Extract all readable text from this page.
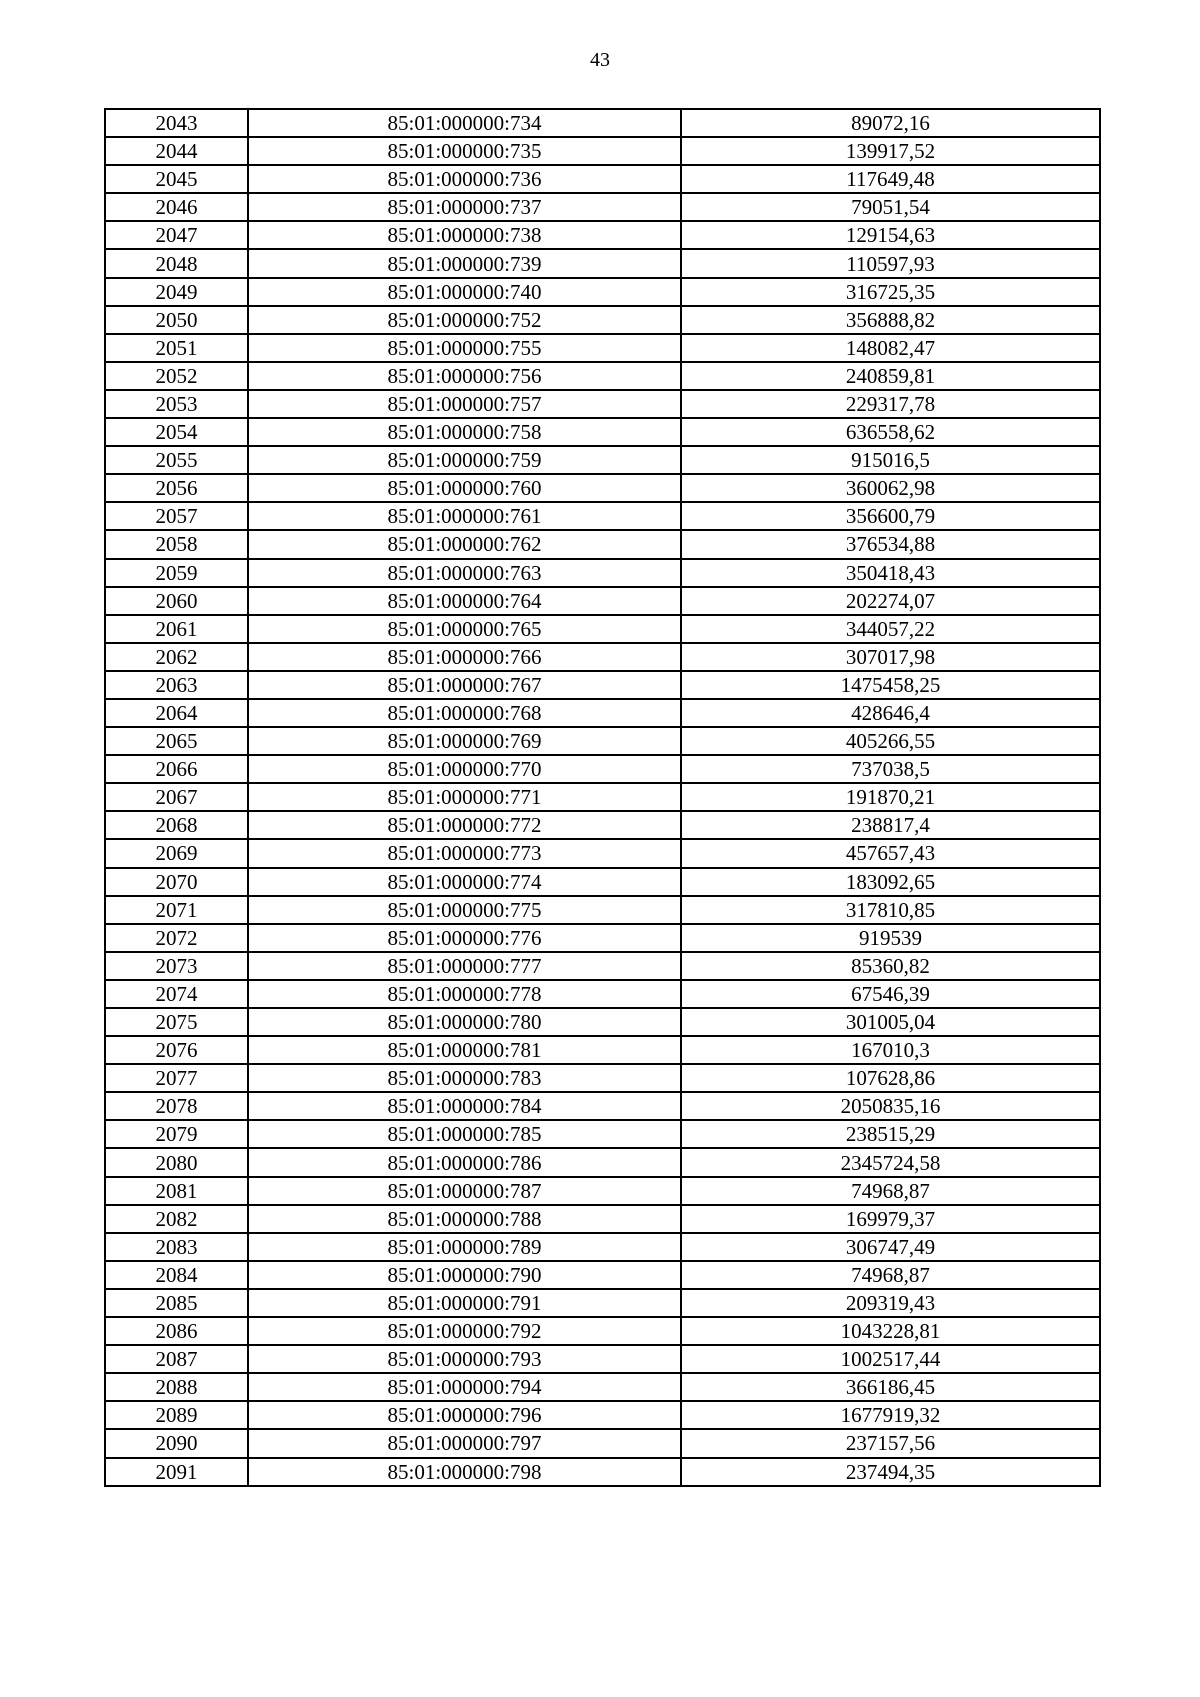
43
2043	85:01:000000:734	89072,16
2044	85:01:000000:735	139917,52
2045	85:01:000000:736	117649,48
2046	85:01:000000:737	79051,54
2047	85:01:000000:738	129154,63
2048	85:01:000000:739	110597,93
2049	85:01:000000:740	316725,35
2050	85:01:000000:752	356888,82
2051	85:01:000000:755	148082,47
2052	85:01:000000:756	240859,81
2053	85:01:000000:757	229317,78
2054	85:01:000000:758	636558,62
2055	85:01:000000:759	915016,5
2056	85:01:000000:760	360062,98
2057	85:01:000000:761	356600,79
2058	85:01:000000:762	376534,88
2059	85:01:000000:763	350418,43
2060	85:01:000000:764	202274,07
2061	85:01:000000:765	344057,22
2062	85:01:000000:766	307017,98
2063	85:01:000000:767	1475458,25
2064	85:01:000000:768	428646,4
2065	85:01:000000:769	405266,55
2066	85:01:000000:770	737038,5
2067	85:01:000000:771	191870,21
2068	85:01:000000:772	238817,4
2069	85:01:000000:773	457657,43
2070	85:01:000000:774	183092,65
2071	85:01:000000:775	317810,85
2072	85:01:000000:776	919539
2073	85:01:000000:777	85360,82
2074	85:01:000000:778	67546,39
2075	85:01:000000:780	301005,04
2076	85:01:000000:781	167010,3
2077	85:01:000000:783	107628,86
2078	85:01:000000:784	2050835,16
2079	85:01:000000:785	238515,29
2080	85:01:000000:786	2345724,58
2081	85:01:000000:787	74968,87
2082	85:01:000000:788	169979,37
2083	85:01:000000:789	306747,49
2084	85:01:000000:790	74968,87
2085	85:01:000000:791	209319,43
2086	85:01:000000:792	1043228,81
2087	85:01:000000:793	1002517,44
2088	85:01:000000:794	366186,45
2089	85:01:000000:796	1677919,32
2090	85:01:000000:797	237157,56
2091	85:01:000000:798	237494,35
